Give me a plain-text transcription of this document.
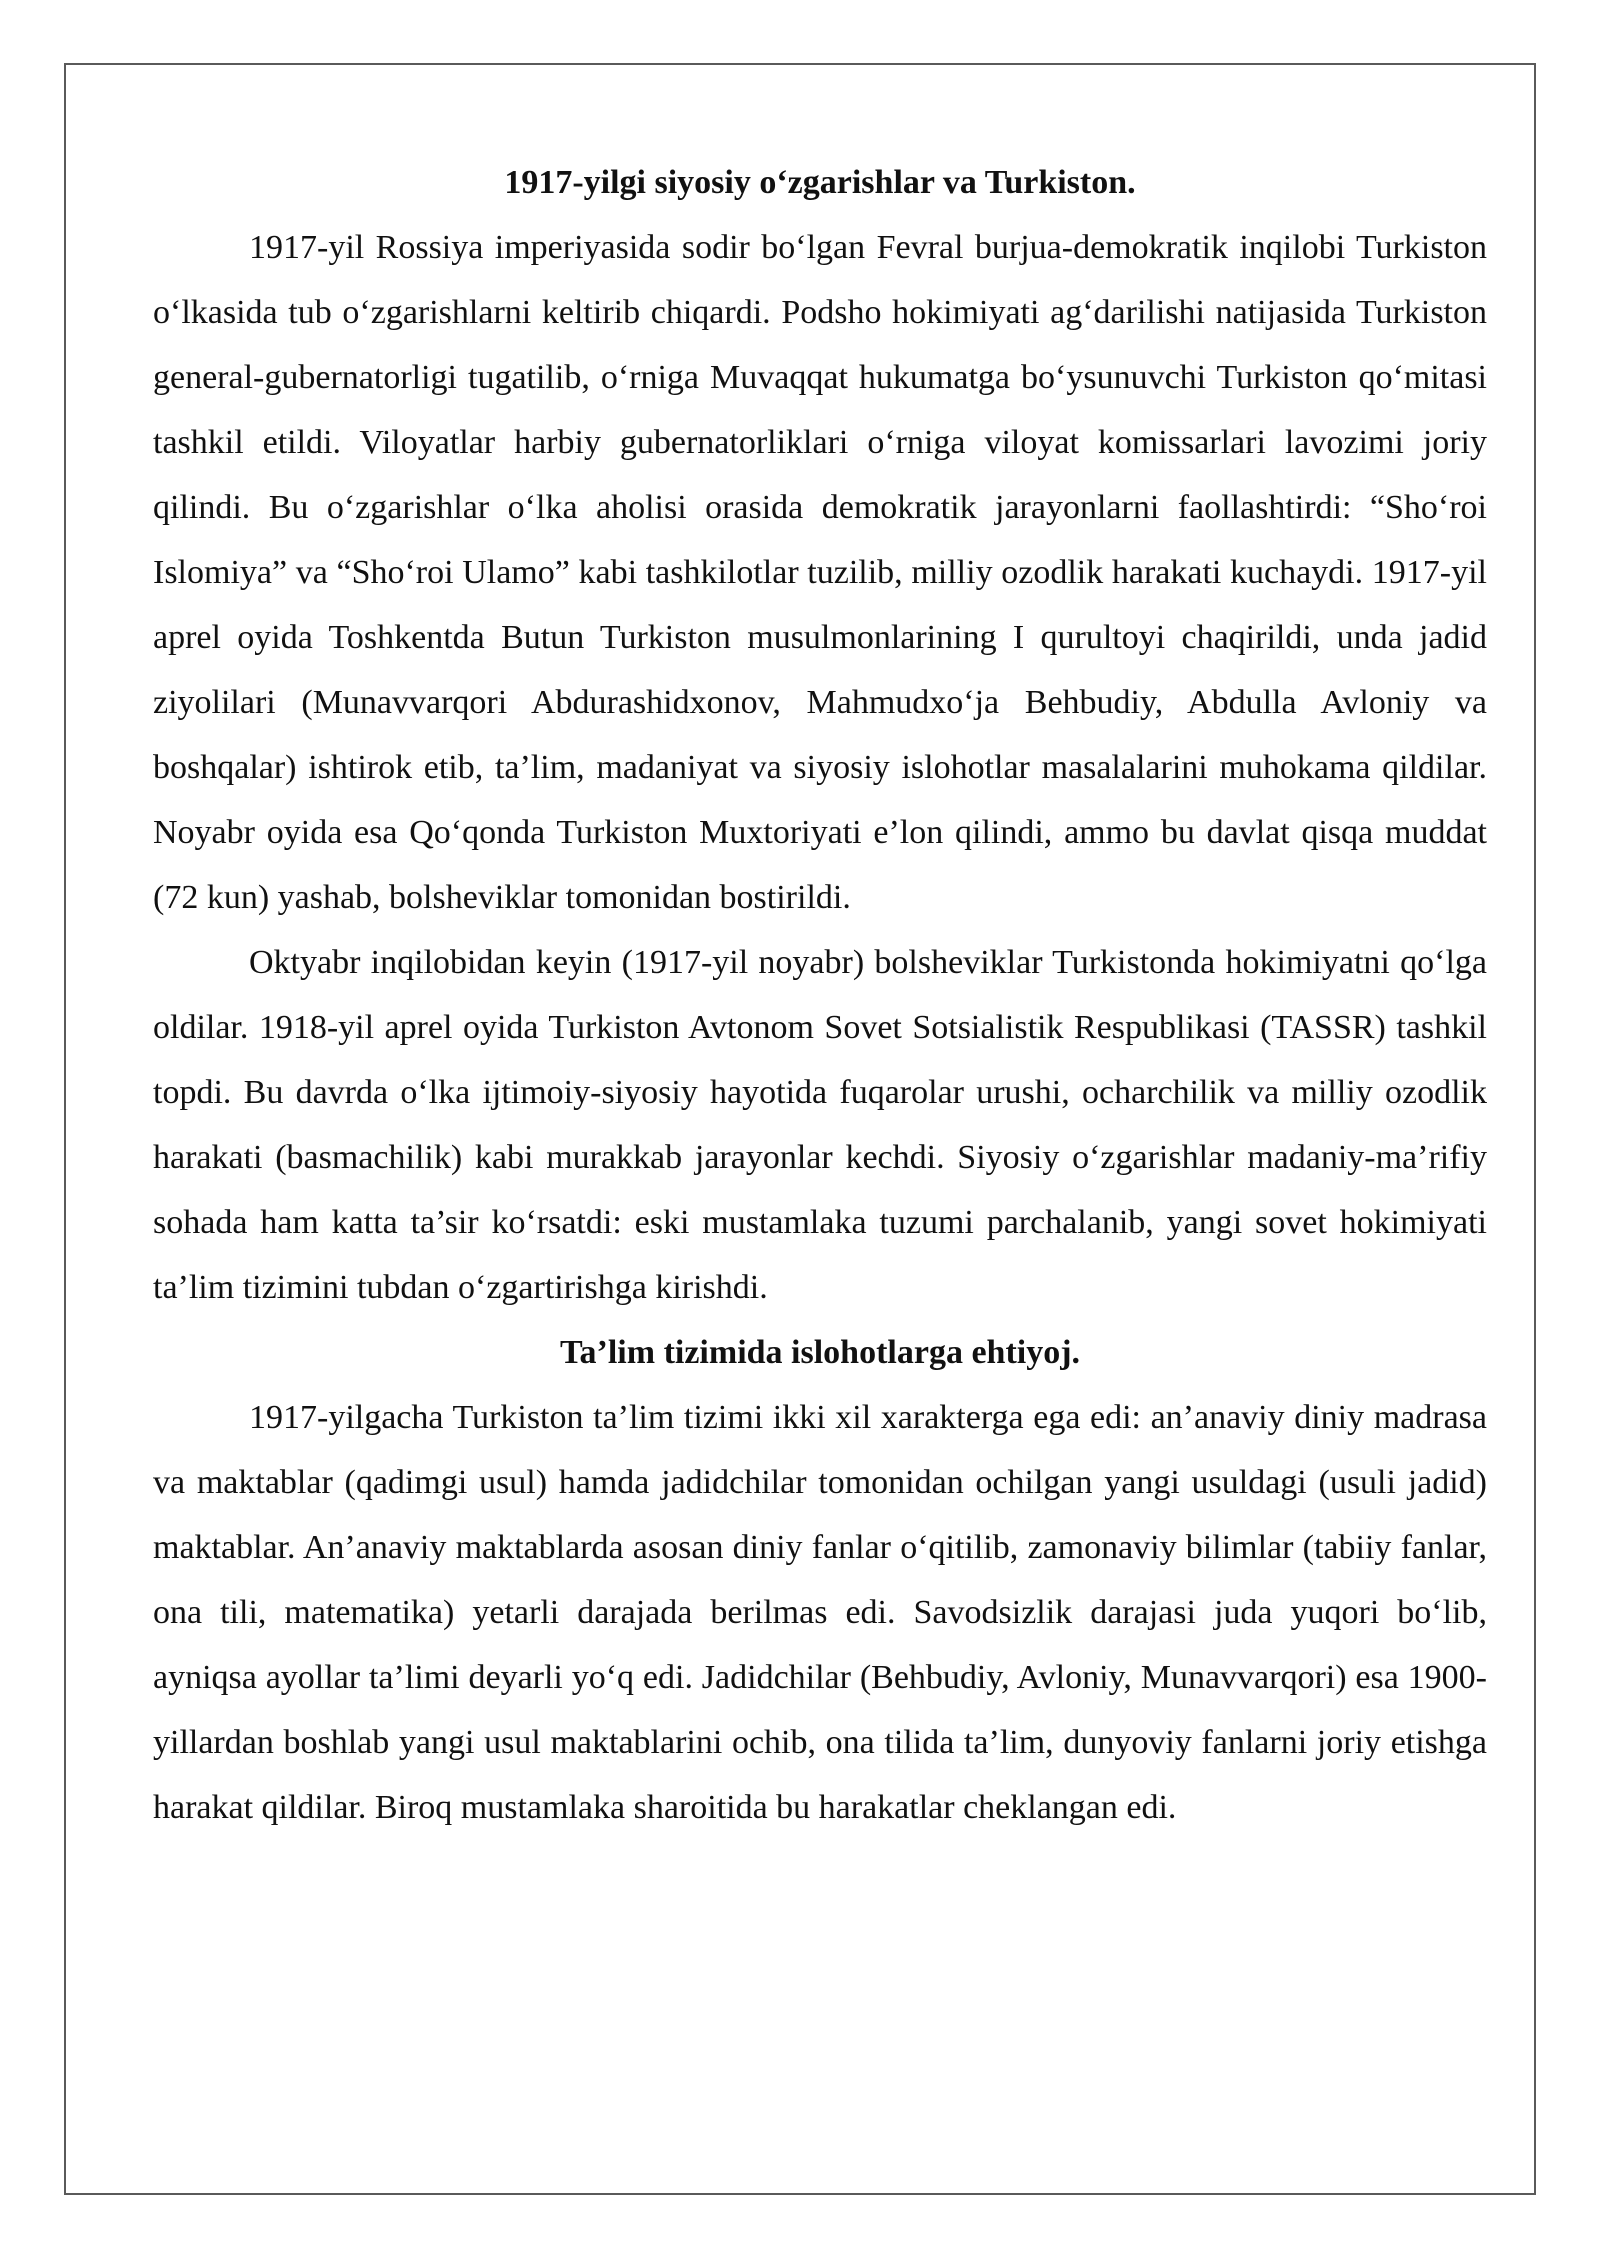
1917-yilgi siyosiy oʻzgarishlar va Turkiston.

1917-yil Rossiya imperiyasida sodir boʻlgan Fevral burjua-demokratik inqilobi Turkiston oʻlkasida tub oʻzgarishlarni keltirib chiqardi. Podsho hokimiyati agʻdarilishi natijasida Turkiston general-gubernatorligi tugatilib, oʻrniga Muvaqqat hukumatga boʻysunuvchi Turkiston qoʻmitasi tashkil etildi. Viloyatlar harbiy gubernatorliklari oʻrniga viloyat komissarlari lavozimi joriy qilindi. Bu oʻzgarishlar oʻlka aholisi orasida demokratik jarayonlarni faollashtirdi: “Shoʻroi Islomiya” va “Shoʻroi Ulamo” kabi tashkilotlar tuzilib, milliy ozodlik harakati kuchaydi. 1917-yil aprel oyida Toshkentda Butun Turkiston musulmonlarining I qurultoyi chaqirildi, unda jadid ziyolilari (Munavvarqori Abdurashidxonov, Mahmudxoʻja Behbudiy, Abdulla Avloniy va boshqalar) ishtirok etib, ta’lim, madaniyat va siyosiy islohotlar masalalarini muhokama qildilar. Noyabr oyida esa Qoʻqonda Turkiston Muxtoriyati e’lon qilindi, ammo bu davlat qisqa muddat (72 kun) yashab, bolsheviklar tomonidan bostirildi.

Oktyabr inqilobidan keyin (1917-yil noyabr) bolsheviklar Turkistonda hokimiyatni qoʻlga oldilar. 1918-yil aprel oyida Turkiston Avtonom Sovet Sotsialistik Respublikasi (TASSR) tashkil topdi. Bu davrda oʻlka ijtimoiy-siyosiy hayotida fuqarolar urushi, ocharchilik va milliy ozodlik harakati (basmachilik) kabi murakkab jarayonlar kechdi. Siyosiy oʻzgarishlar madaniy-ma’rifiy sohada ham katta ta’sir koʻrsatdi: eski mustamlaka tuzumi parchalanib, yangi sovet hokimiyati ta’lim tizimini tubdan oʻzgartirishga kirishdi.

Ta’lim tizimida islohotlarga ehtiyoj.

1917-yilgacha Turkiston ta’lim tizimi ikki xil xarakterga ega edi: an’anaviy diniy madrasa va maktablar (qadimgi usul) hamda jadidchilar tomonidan ochilgan yangi usuldagi (usuli jadid) maktablar. An’anaviy maktablarda asosan diniy fanlar oʻqitilib, zamonaviy bilimlar (tabiiy fanlar, ona tili, matematika) yetarli darajada berilmas edi. Savodsizlik darajasi juda yuqori boʻlib, ayniqsa ayollar ta’limi deyarli yoʻq edi. Jadidchilar (Behbudiy, Avloniy, Munavvarqori) esa 1900-yillardan boshlab yangi usul maktablarini ochib, ona tilida ta’lim, dunyoviy fanlarni joriy etishga harakat qildilar. Biroq mustamlaka sharoitida bu harakatlar cheklangan edi.
